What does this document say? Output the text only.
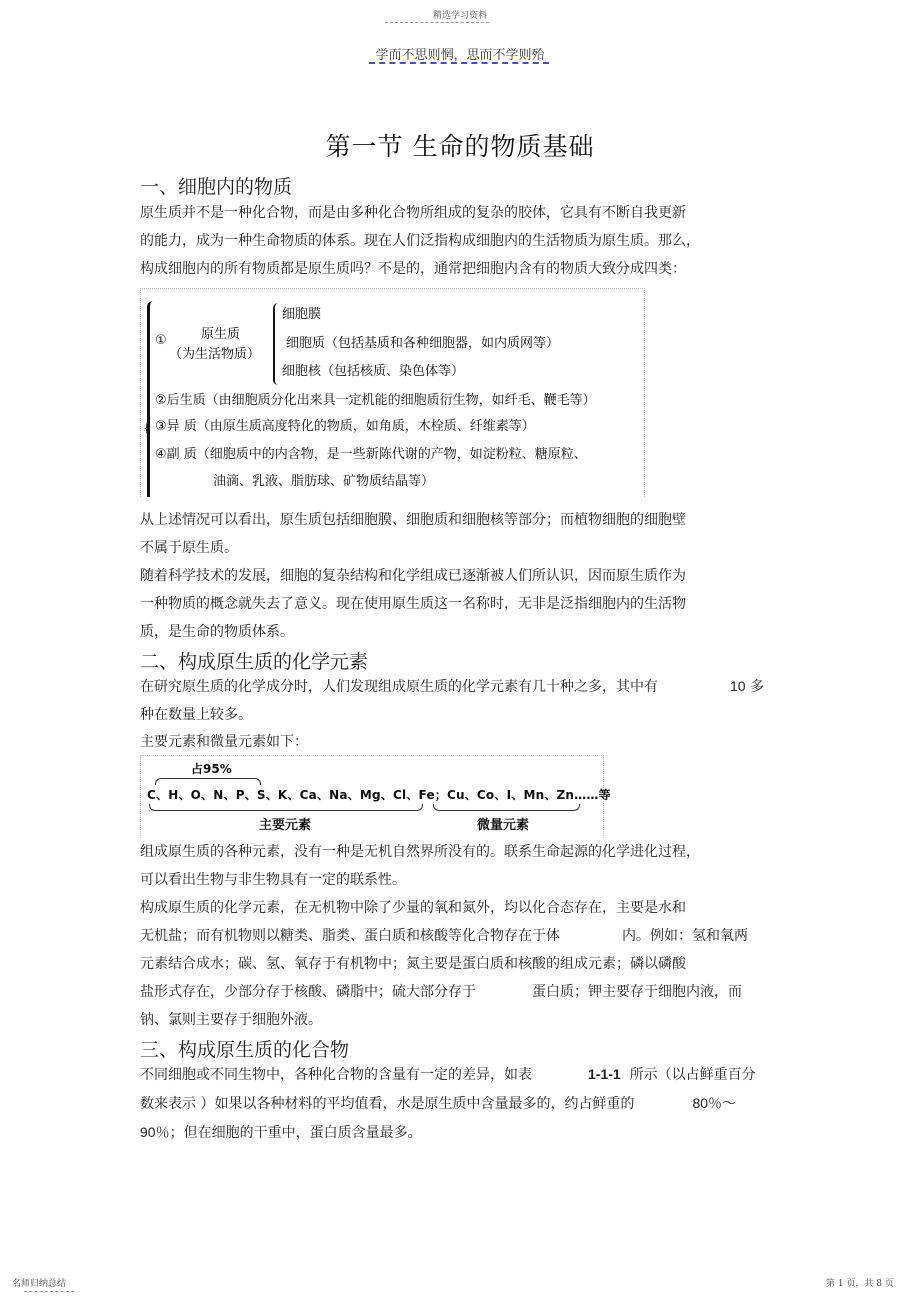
精选学习资料
学而不思则惘，思而不学则殆
第一节 生命的物质基础
一、细胞内的物质
原生质并不是一种化合物，而是由多种化合物所组成的复杂的胶体，它具有不断自我更新
的能力，成为一种生命物质的体系。现在人们泛指构成细胞内的生活物质为原生质。那么，
构成细胞内的所有物质都是原生质吗？不是的，通常把细胞内含有的物质大致分成四类：
{
①	原生质
（为生活物质）
细胞膜
细胞质（包括基质和各种细胞器，如内质网等）
细胞核（包括核质、染色体等）
②后生质（由细胞质分化出来具一定机能的细胞质衍生物，如纤毛、鞭毛等）
③异 质（由原生质高度特化的物质，如角质，木栓质、纤维素等）
④副 质（细胞质中的内含物，是一些新陈代谢的产物，如淀粉粒、糖原粒、
油滴、乳液、脂肪球、矿物质结晶等）
从上述情况可以看出，原生质包括细胞膜、细胞质和细胞核等部分；而植物细胞的细胞壁
不属于原生质。
随着科学技术的发展，细胞的复杂结构和化学组成已逐渐被人们所认识，因而原生质作为
一种物质的概念就失去了意义。现在使用原生质这一名称时，无非是泛指细胞内的生活物
质，是生命的物质体系。
二、构成原生质的化学元素
在研究原生质的化学成分时，人们发现组成原生质的化学元素有几十种之多，其中有	10 多
种在数量上较多。
主要元素和微量元素如下：
占95%
C、H、O、N、P、S、K、Ca、Na、Mg、Cl、Fe；Cu、Co、I、Mn、Zn……等
主要元素	微量元素
组成原生质的各种元素，没有一种是无机自然界所没有的。联系生命起源的化学进化过程，
可以看出生物与非生物具有一定的联系性。
构成原生质的化学元素，在无机物中除了少量的氧和氮外，均以化合态存在，主要是水和
无机盐；而有机物则以糖类、脂类、蛋白质和核酸等化合物存在于体	内。例如：氢和氧两
元素结合成水；碳、氢、氧存于有机物中；氮主要是蛋白质和核酸的组成元素；磷以磷酸
盐形式存在，少部分存于核酸、磷脂中；硫大部分存于	蛋白质；钾主要存于细胞内液，而
钠、氯则主要存于细胞外液。
三、构成原生质的化合物
不同细胞或不同生物中，各种化合物的含量有一定的差异，如表	1-1-1 所示（以占鲜重百分
数来表示 ）如果以各种材料的平均值看，水是原生质中含量最多的，约占鲜重的	80％～
90％；但在细胞的干重中，蛋白质含量最多。
名师归纳总结	第 1 页，共 8 页
